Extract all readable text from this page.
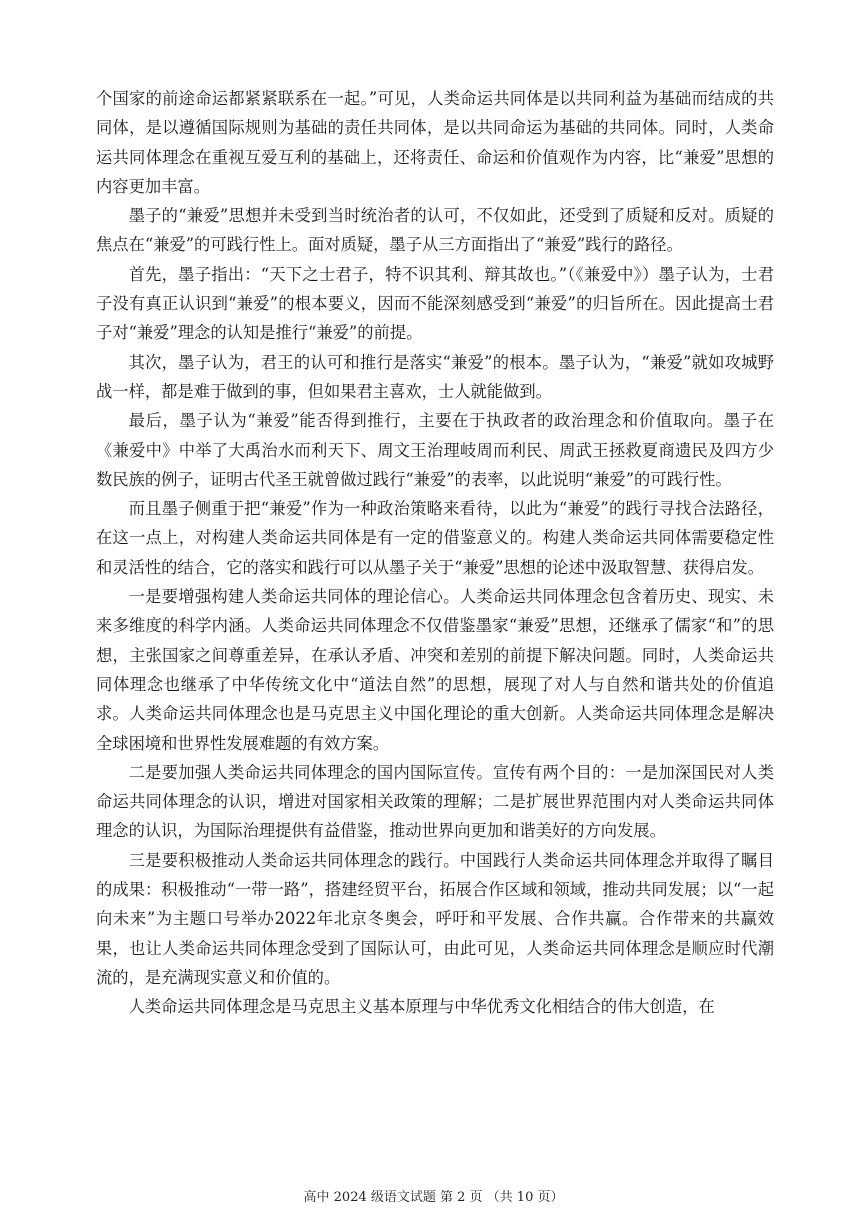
个国家的前途命运都紧紧联系在一起。”可见，人类命运共同体是以共同利益为基础而结成的共同体，是以遵循国际规则为基础的责任共同体，是以共同命运为基础的共同体。同时，人类命运共同体理念在重视互爱互利的基础上，还将责任、命运和价值观作为内容，比“兼爱”思想的内容更加丰富。

墨子的“兼爱”思想并未受到当时统治者的认可，不仅如此，还受到了质疑和反对。质疑的焦点在“兼爱”的可践行性上。面对质疑，墨子从三方面指出了“兼爱”践行的路径。

首先，墨子指出：“天下之士君子，特不识其利、辩其故也。”（《兼爱中》）墨子认为，士君子没有真正认识到“兼爱”的根本要义，因而不能深刻感受到“兼爱”的归旨所在。因此提高士君子对“兼爱”理念的认知是推行“兼爱”的前提。

其次，墨子认为，君王的认可和推行是落实“兼爱”的根本。墨子认为，“兼爱”就如攻城野战一样，都是难于做到的事，但如果君主喜欢，士人就能做到。

最后，墨子认为“兼爱”能否得到推行，主要在于执政者的政治理念和价值取向。墨子在《兼爱中》中举了大禹治水而利天下、周文王治理岐周而利民、周武王拯救夏商遗民及四方少数民族的例子，证明古代圣王就曾做过践行“兼爱”的表率，以此说明“兼爱”的可践行性。

而且墨子侧重于把“兼爱”作为一种政治策略来看待，以此为“兼爱”的践行寻找合法路径，在这一点上，对构建人类命运共同体是有一定的借鉴意义的。构建人类命运共同体需要稳定性和灵活性的结合，它的落实和践行可以从墨子关于“兼爱”思想的论述中汲取智慧、获得启发。

一是要增强构建人类命运共同体的理论信心。人类命运共同体理念包含着历史、现实、未来多维度的科学内涵。人类命运共同体理念不仅借鉴墨家“兼爱”思想，还继承了儒家“和”的思想，主张国家之间尊重差异，在承认矛盾、冲突和差别的前提下解决问题。同时，人类命运共同体理念也继承了中华传统文化中“道法自然”的思想，展现了对人与自然和谐共处的价值追求。人类命运共同体理念也是马克思主义中国化理论的重大创新。人类命运共同体理念是解决全球困境和世界性发展难题的有效方案。

二是要加强人类命运共同体理念的国内国际宣传。宣传有两个目的：一是加深国民对人类命运共同体理念的认识，增进对国家相关政策的理解；二是扩展世界范围内对人类命运共同体理念的认识，为国际治理提供有益借鉴，推动世界向更加和谐美好的方向发展。

三是要积极推动人类命运共同体理念的践行。中国践行人类命运共同体理念并取得了瞩目的成果：积极推动“一带一路”，搭建经贸平台，拓展合作区域和领域，推动共同发展；以“一起向未来”为主题口号举办2022年北京冬奥会，呼吁和平发展、合作共赢。合作带来的共赢效果，也让人类命运共同体理念受到了国际认可，由此可见，人类命运共同体理念是顺应时代潮流的，是充满现实意义和价值的。

人类命运共同体理念是马克思主义基本原理与中华优秀文化相结合的伟大创造，在

高中 2024 级语文试题 第 2 页 （共 10 页）
